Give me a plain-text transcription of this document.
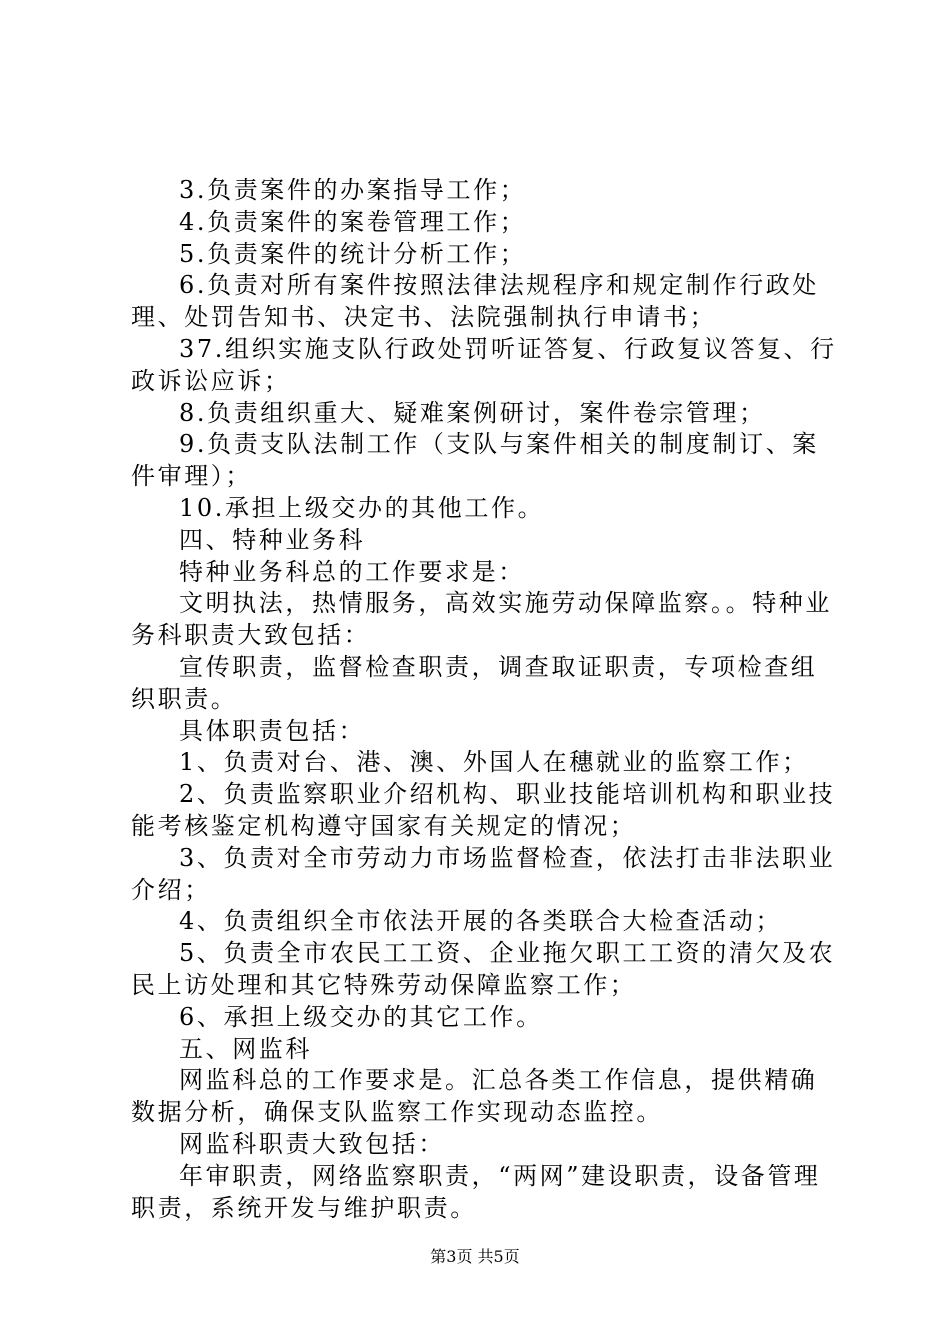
3.负责案件的办案指导工作；

4.负责案件的案卷管理工作；

5.负责案件的统计分析工作；

6.负责对所有案件按照法律法规程序和规定制作行政处理、处罚告知书、决定书、法院强制执行申请书；

37.组织实施支队行政处罚听证答复、行政复议答复、行政诉讼应诉；

8.负责组织重大、疑难案例研讨，案件卷宗管理；

9.负责支队法制工作（支队与案件相关的制度制订、案件审理）；

10.承担上级交办的其他工作。

四、特种业务科

特种业务科总的工作要求是：

文明执法，热情服务，高效实施劳动保障监察。。特种业务科职责大致包括：

宣传职责，监督检查职责，调查取证职责，专项检查组织职责。

具体职责包括：

1、负责对台、港、澳、外国人在穗就业的监察工作；

2、负责监察职业介绍机构、职业技能培训机构和职业技能考核鉴定机构遵守国家有关规定的情况；

3、负责对全市劳动力市场监督检查，依法打击非法职业介绍；

4、负责组织全市依法开展的各类联合大检查活动；

5、负责全市农民工工资、企业拖欠职工工资的清欠及农民上访处理和其它特殊劳动保障监察工作；

6、承担上级交办的其它工作。

五、网监科

网监科总的工作要求是。汇总各类工作信息，提供精确数据分析，确保支队监察工作实现动态监控。

网监科职责大致包括：

年审职责，网络监察职责，“两网”建设职责，设备管理职责，系统开发与维护职责。

第3页 共5页
